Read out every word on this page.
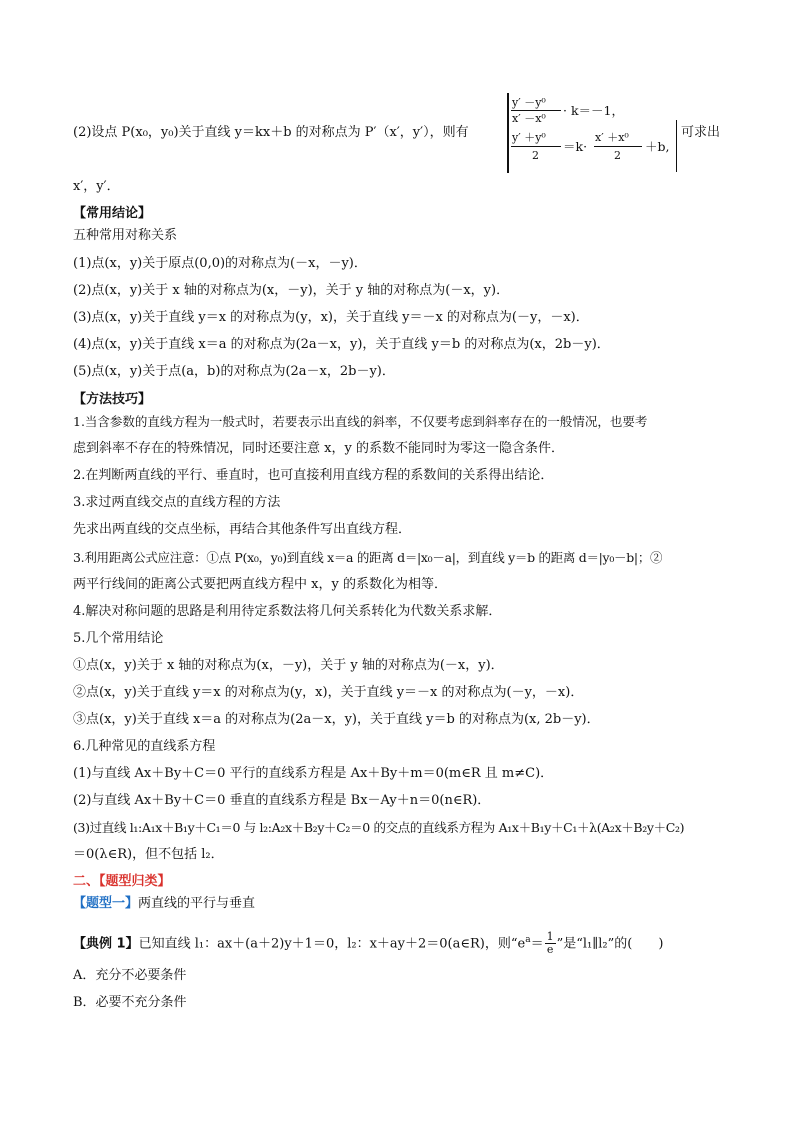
(2)设点 P(x₀，y₀)关于直线 y＝kx＋b 的对称点为 P′（x′，y′），则有
y′ －y⁰
x′ －x⁰
· k＝－1，
y′ ＋y⁰
2
＝k·
x′ ＋x⁰
2
＋b,
可求出
x′，y′．
【常用结论】
五种常用对称关系
(1)点(x，y)关于原点(0,0)的对称点为(－x，－y)．
(2)点(x，y)关于 x 轴的对称点为(x，－y)，关于 y 轴的对称点为(－x，y)．
(3)点(x，y)关于直线 y＝x 的对称点为(y，x)，关于直线 y＝－x 的对称点为(－y，－x)．
(4)点(x，y)关于直线 x＝a 的对称点为(2a－x，y)，关于直线 y＝b 的对称点为(x，2b－y)．
(5)点(x，y)关于点(a，b)的对称点为(2a－x，2b－y)．
【方法技巧】
1.当含参数的直线方程为一般式时，若要表示出直线的斜率，不仅要考虑到斜率存在的一般情况，也要考
虑到斜率不存在的特殊情况，同时还要注意 x，y 的系数不能同时为零这一隐含条件．
2.在判断两直线的平行、垂直时，也可直接利用直线方程的系数间的关系得出结论．
3.求过两直线交点的直线方程的方法
先求出两直线的交点坐标，再结合其他条件写出直线方程．
3.利用距离公式应注意：①点 P(x₀，y₀)到直线 x＝a 的距离 d＝|x₀－a|，到直线 y＝b 的距离 d＝|y₀－b|；②
两平行线间的距离公式要把两直线方程中 x，y 的系数化为相等．
4.解决对称问题的思路是利用待定系数法将几何关系转化为代数关系求解．
5.几个常用结论
①点(x，y)关于 x 轴的对称点为(x，－y)，关于 y 轴的对称点为(－x，y)．
②点(x，y)关于直线 y＝x 的对称点为(y，x)，关于直线 y＝－x 的对称点为(－y，－x)．
③点(x，y)关于直线 x＝a 的对称点为(2a－x，y)，关于直线 y＝b 的对称点为(x, 2b－y)．
6.几种常见的直线系方程
(1)与直线 Ax＋By＋C＝0 平行的直线系方程是 Ax＋By＋m＝0(m∈R 且 m≠C)．
(2)与直线 Ax＋By＋C＝0 垂直的直线系方程是 Bx－Ay＋n＝0(n∈R)．
(3)过直线 l₁:A₁x＋B₁y＋C₁＝0 与 l₂:A₂x＋B₂y＋C₂＝0 的交点的直线系方程为 A₁x＋B₁y＋C₁＋λ(A₂x＋B₂y＋C₂)
＝0(λ∈R)，但不包括 l₂．
二、【题型归类】
【题型一】两直线的平行与垂直
【典例 1】已知直线 l₁：ax＋(a＋2)y＋1＝0，l₂：x＋ay＋2＝0(a∈R)，则“$e^a= \frac{1}{e}$ ”是“l₁∥l₂”的(　　)
A．充分不必要条件
B．必要不充分条件
